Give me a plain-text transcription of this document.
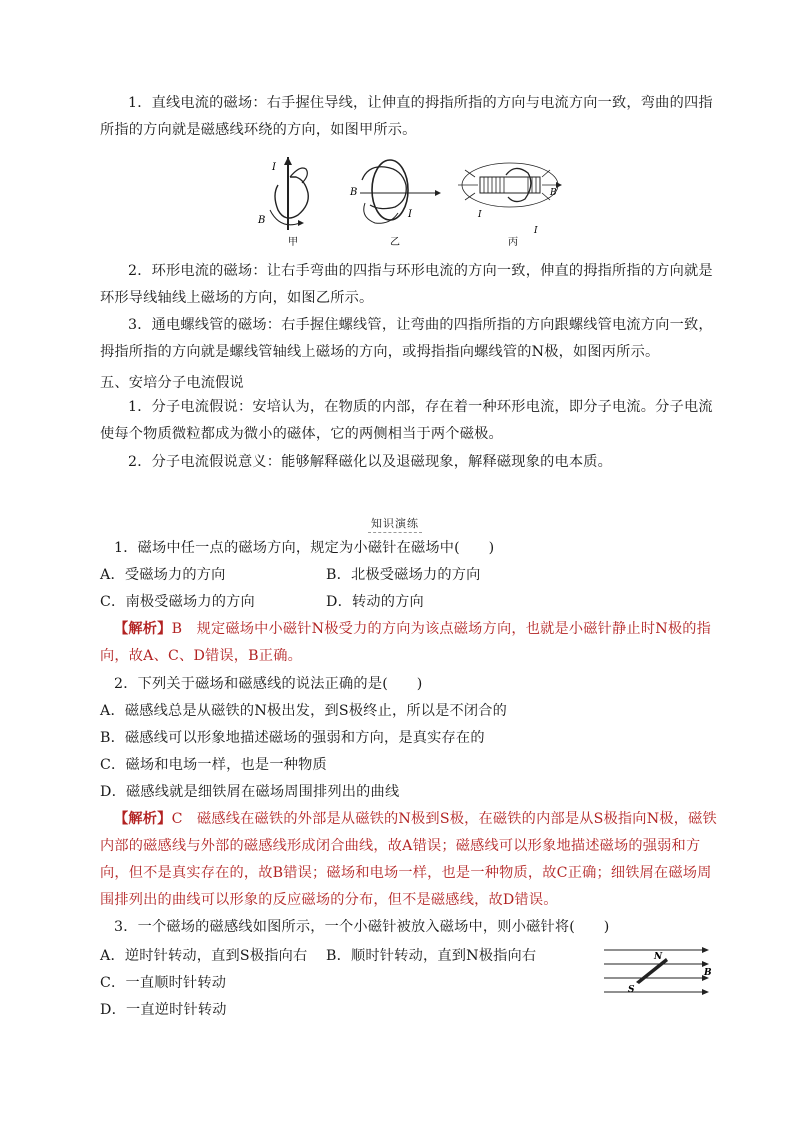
1．直线电流的磁场：右手握住导线，让伸直的拇指所指的方向与电流方向一致，弯曲的四指所指的方向就是磁感线环绕的方向，如图甲所示。
I
B
甲
B
I
乙
B
I
I
丙
2．环形电流的磁场：让右手弯曲的四指与环形电流的方向一致，伸直的拇指所指的方向就是环形导线轴线上磁场的方向，如图乙所示。
3．通电螺线管的磁场：右手握住螺线管，让弯曲的四指所指的方向跟螺线管电流方向一致，拇指所指的方向就是螺线管轴线上磁场的方向，或拇指指向螺线管的N极，如图丙所示。
五、安培分子电流假说
1．分子电流假说：安培认为，在物质的内部，存在着一种环形电流，即分子电流。分子电流使每个物质微粒都成为微小的磁体，它的两侧相当于两个磁极。
2．分子电流假说意义：能够解释磁化以及退磁现象，解释磁现象的电本质。
知识演练
1．磁场中任一点的磁场方向，规定为小磁针在磁场中(　　)
A．受磁场力的方向	B．北极受磁场力的方向
C．南极受磁场力的方向	D．转动的方向
【解析】B　规定磁场中小磁针N极受力的方向为该点磁场方向，也就是小磁针静止时N极的指向，故A、C、D错误，B正确。
2．下列关于磁场和磁感线的说法正确的是(　　)
A．磁感线总是从磁铁的N极出发，到S极终止，所以是不闭合的
B．磁感线可以形象地描述磁场的强弱和方向，是真实存在的
C．磁场和电场一样，也是一种物质
D．磁感线就是细铁屑在磁场周围排列出的曲线
【解析】C　磁感线在磁铁的外部是从磁铁的N极到S极，在磁铁的内部是从S极指向N极，磁铁内部的磁感线与外部的磁感线形成闭合曲线，故A错误；磁感线可以形象地描述磁场的强弱和方向，但不是真实存在的，故B错误；磁场和电场一样，也是一种物质，故C正确；细铁屑在磁场周围排列出的曲线可以形象的反应磁场的分布，但不是磁感线，故D错误。
3．一个磁场的磁感线如图所示，一个小磁针被放入磁场中，则小磁针将(　　)
A．逆时针转动，直到S极指向右 B．顺时针转动，直到N极指向右
C．一直顺时针转动
D．一直逆时针转动
N
S
B
